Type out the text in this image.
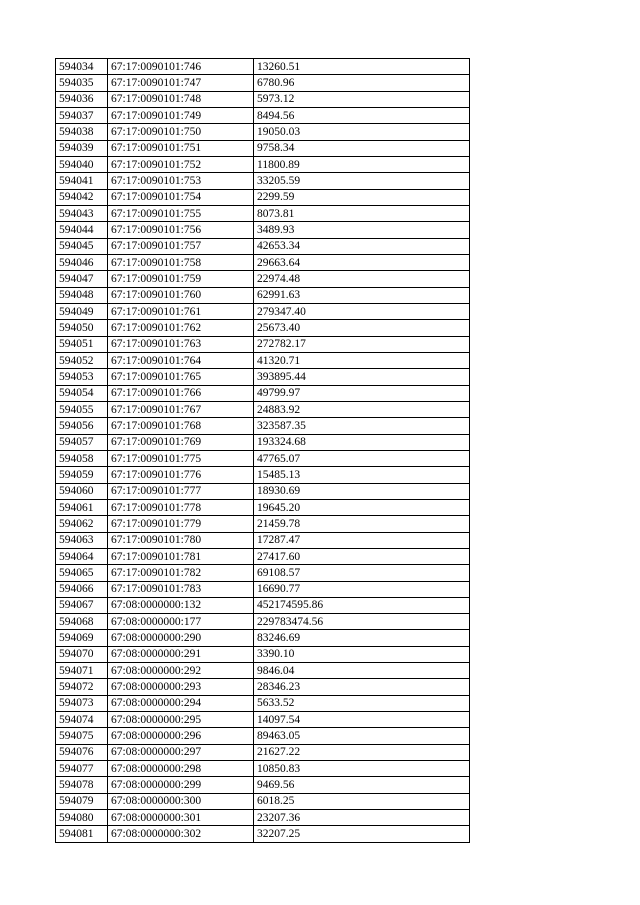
594034	67:17:0090101:746	13260.51
594035	67:17:0090101:747	6780.96
594036	67:17:0090101:748	5973.12
594037	67:17:0090101:749	8494.56
594038	67:17:0090101:750	19050.03
594039	67:17:0090101:751	9758.34
594040	67:17:0090101:752	11800.89
594041	67:17:0090101:753	33205.59
594042	67:17:0090101:754	2299.59
594043	67:17:0090101:755	8073.81
594044	67:17:0090101:756	3489.93
594045	67:17:0090101:757	42653.34
594046	67:17:0090101:758	29663.64
594047	67:17:0090101:759	22974.48
594048	67:17:0090101:760	62991.63
594049	67:17:0090101:761	279347.40
594050	67:17:0090101:762	25673.40
594051	67:17:0090101:763	272782.17
594052	67:17:0090101:764	41320.71
594053	67:17:0090101:765	393895.44
594054	67:17:0090101:766	49799.97
594055	67:17:0090101:767	24883.92
594056	67:17:0090101:768	323587.35
594057	67:17:0090101:769	193324.68
594058	67:17:0090101:775	47765.07
594059	67:17:0090101:776	15485.13
594060	67:17:0090101:777	18930.69
594061	67:17:0090101:778	19645.20
594062	67:17:0090101:779	21459.78
594063	67:17:0090101:780	17287.47
594064	67:17:0090101:781	27417.60
594065	67:17:0090101:782	69108.57
594066	67:17:0090101:783	16690.77
594067	67:08:0000000:132	452174595.86
594068	67:08:0000000:177	229783474.56
594069	67:08:0000000:290	83246.69
594070	67:08:0000000:291	3390.10
594071	67:08:0000000:292	9846.04
594072	67:08:0000000:293	28346.23
594073	67:08:0000000:294	5633.52
594074	67:08:0000000:295	14097.54
594075	67:08:0000000:296	89463.05
594076	67:08:0000000:297	21627.22
594077	67:08:0000000:298	10850.83
594078	67:08:0000000:299	9469.56
594079	67:08:0000000:300	6018.25
594080	67:08:0000000:301	23207.36
594081	67:08:0000000:302	32207.25
